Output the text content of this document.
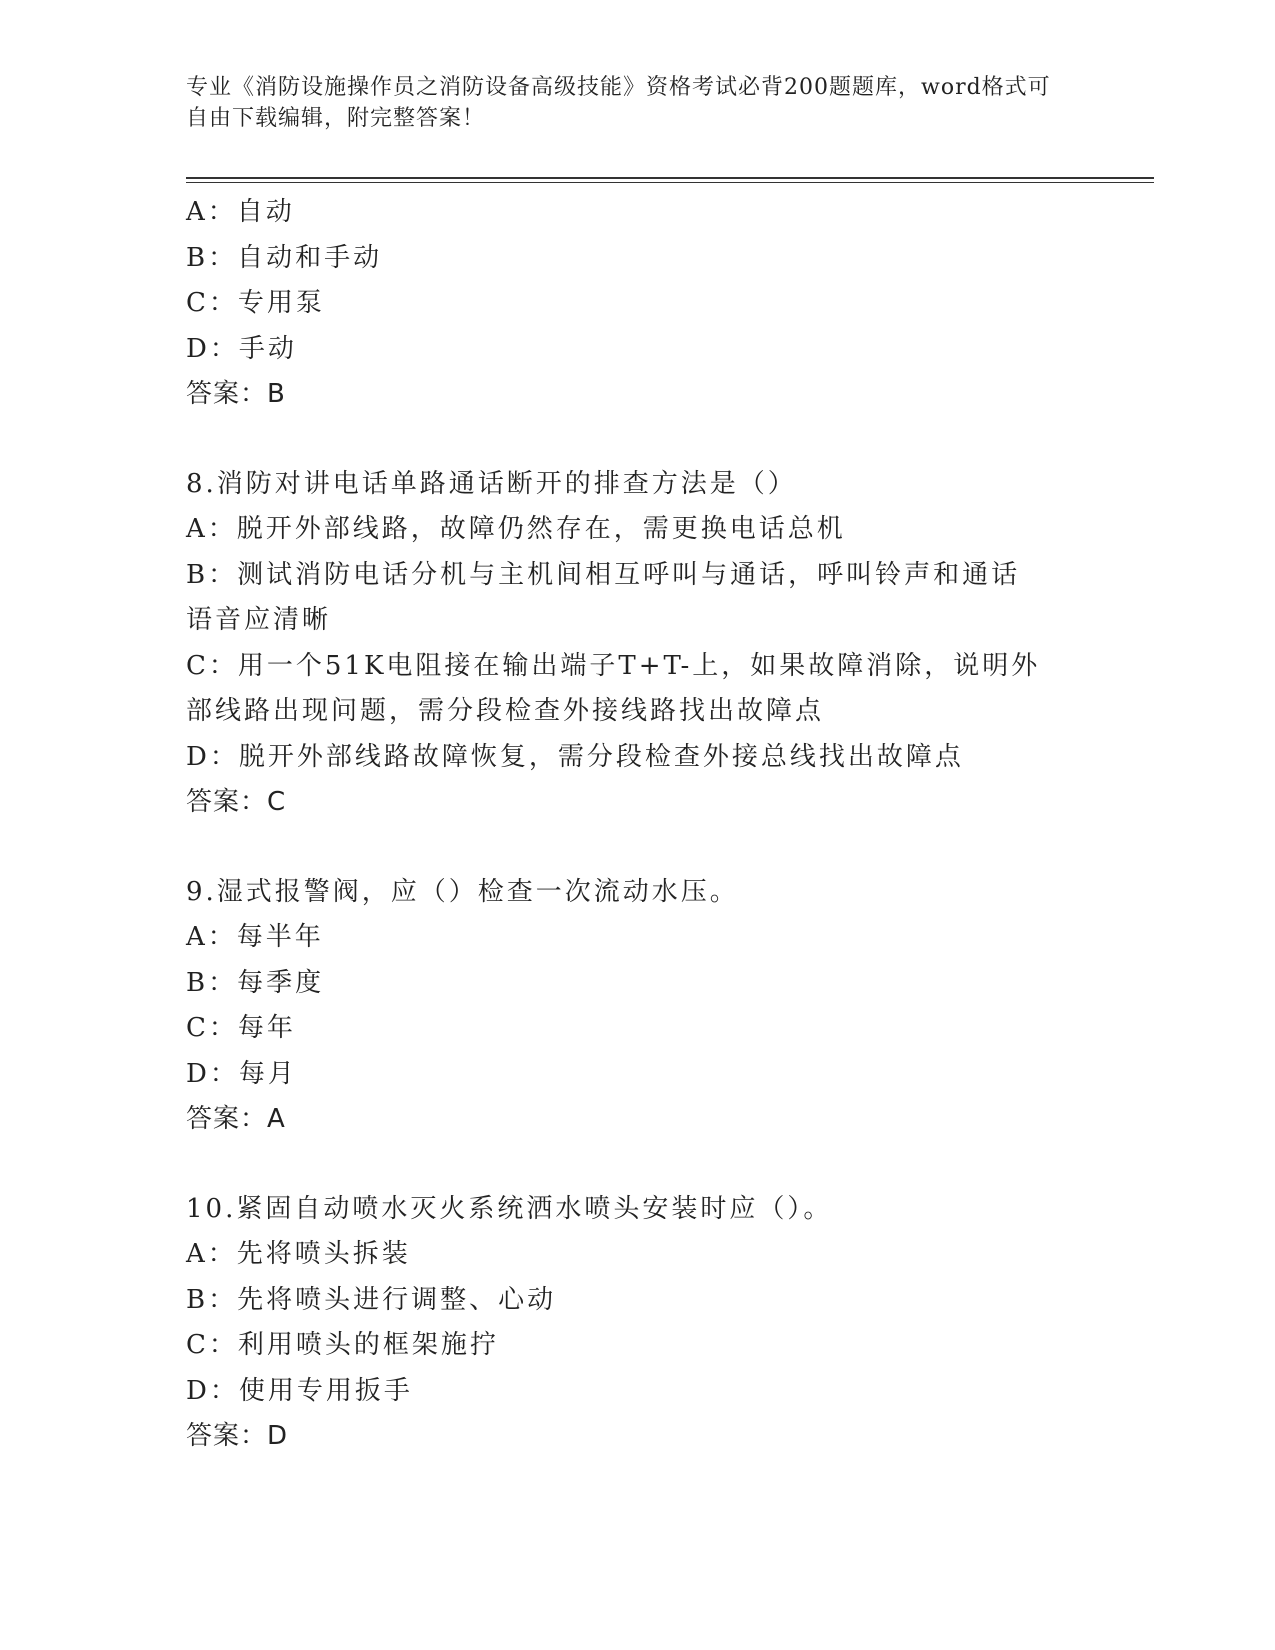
专业《消防设施操作员之消防设备高级技能》资格考试必背200题题库，word格式可自由下载编辑，附完整答案！
A：自动
B：自动和手动
C：专用泵
D：手动
答案：B
8.消防对讲电话单路通话断开的排查方法是（）
A：脱开外部线路，故障仍然存在，需更换电话总机
B：测试消防电话分机与主机间相互呼叫与通话，呼叫铃声和通话语音应清晰
C：用一个51K电阻接在输出端子T+T-上，如果故障消除，说明外部线路出现问题，需分段检查外接线路找出故障点
D：脱开外部线路故障恢复，需分段检查外接总线找出故障点
答案：C
9.湿式报警阀，应（）检查一次流动水压。
A：每半年
B：每季度
C：每年
D：每月
答案：A
10.紧固自动喷水灭火系统洒水喷头安装时应（）。
A：先将喷头拆装
B：先将喷头进行调整、心动
C：利用喷头的框架施拧
D：使用专用扳手
答案：D
